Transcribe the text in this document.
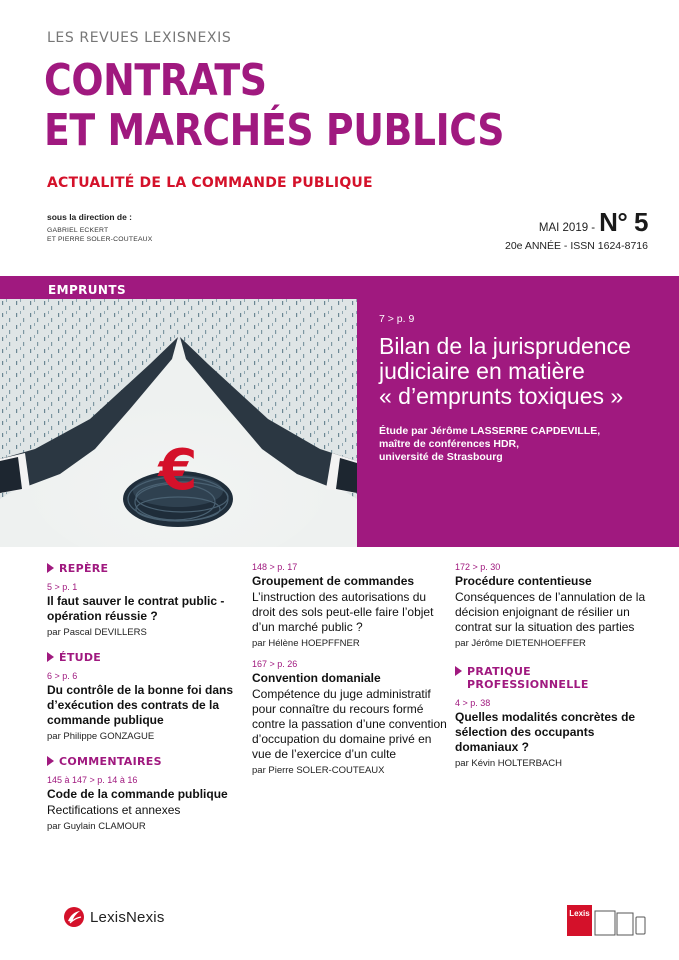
LES REVUES LEXISNEXIS
CONTRATS
ET MARCHÉS PUBLICS
ACTUALITÉ DE LA COMMANDE PUBLIQUE
sous la direction de :
GABRIEL ECKERT
ET PIERRE SOLER-COUTEAUX
MAI 2019 - N° 5
20e ANNÉE - ISSN 1624-8716
EMPRUNTS
€
7 > p. 9
Bilan de la jurisprudence
judiciaire en matière
« d’emprunts toxiques »
Étude par Jérôme LASSERRE CAPDEVILLE,
maître de conférences HDR,
université de Strasbourg
REPÈRE
5 > p. 1
Il faut sauver le contrat public - opération réussie ?
par Pascal DEVILLERS
ÉTUDE
6 > p. 6
Du contrôle de la bonne foi dans d’exécution des contrats de la commande publique
par Philippe GONZAGUE
COMMENTAIRES
145 à 147 > p. 14 à 16
Code de la commande publique
Rectifications et annexes
par Guylain CLAMOUR
148 > p. 17
Groupement de commandes
L’instruction des autorisations du droit des sols peut-elle faire l’objet d’un marché public ?
par Hélène HOEPFFNER
167 > p. 26
Convention domaniale
Compétence du juge administratif pour connaître du recours formé contre la passation d’une convention d’occupation du domaine privé en vue de l’exercice d’un culte
par Pierre SOLER-COUTEAUX
172 > p. 30
Procédure contentieuse
Conséquences de l’annulation de la décision enjoignant de résilier un contrat sur la situation des parties
par Jérôme DIETENHOEFFER
PRATIQUE PROFESSIONNELLE
4 > p. 38
Quelles modalités concrètes de sélection des occupants domaniaux ?
par Kévin HOLTERBACH
LexisNexis	Lexis
